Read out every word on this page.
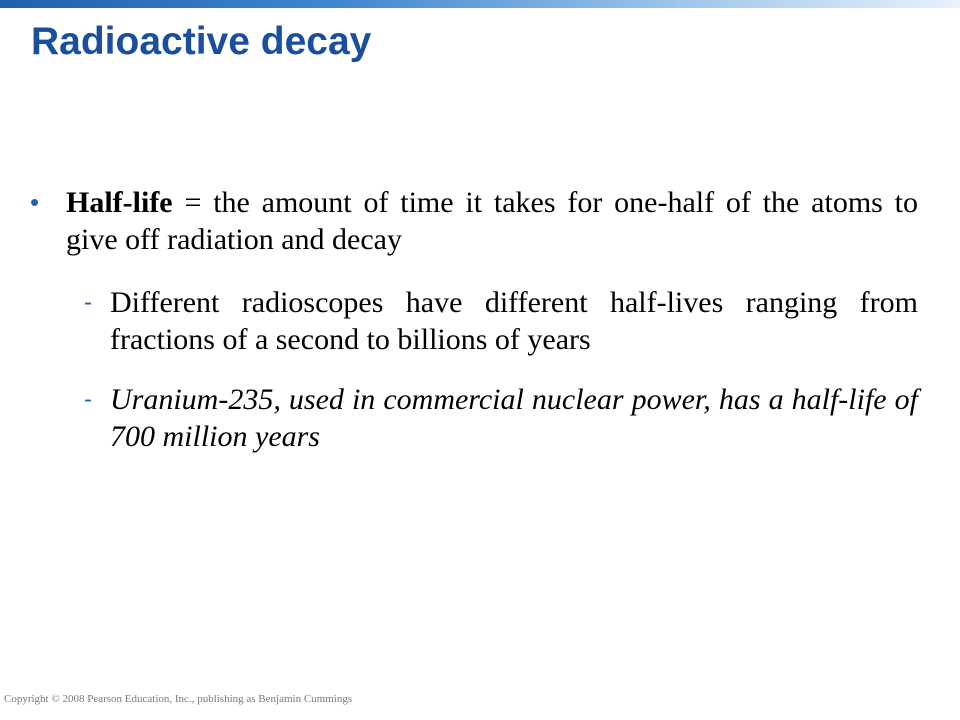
Radioactive decay
• Half-life = the amount of time it takes for one-half of the atoms to give off radiation and decay
- Different radioscopes have different half-lives ranging from fractions of a second to billions of years
- Uranium-235, used in commercial nuclear power, has a half-life of 700 million years
Copyright © 2008 Pearson Education, Inc., publishing as Benjamin Cummings
